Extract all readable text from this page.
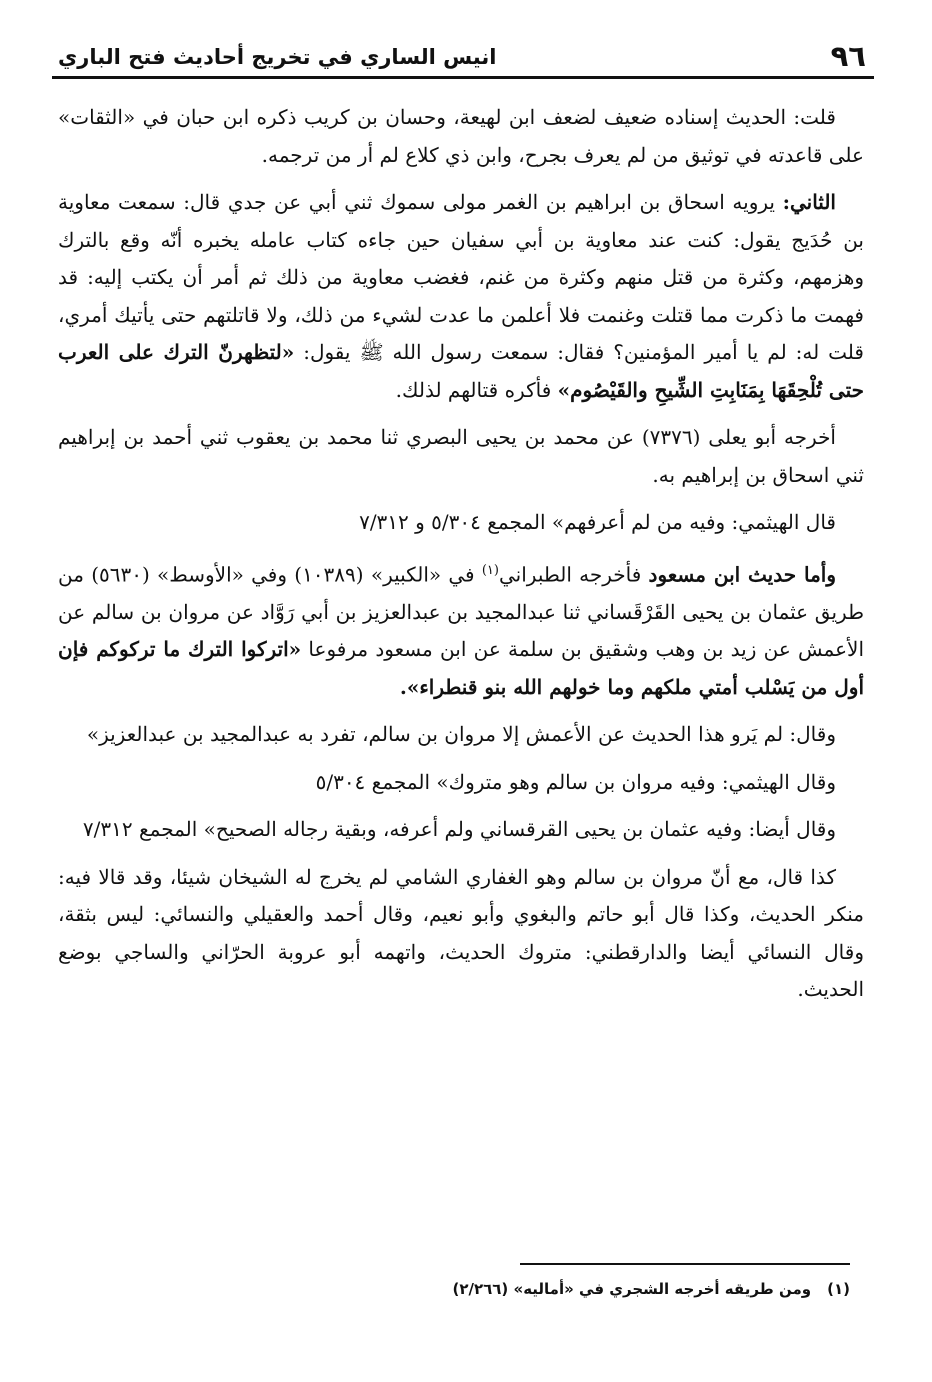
٩٦
انيس الساري في تخريج أحاديث فتح الباري

قلت: الحديث إسناده ضعيف لضعف ابن لهيعة، وحسان بن كريب ذكره ابن حبان في «الثقات» على قاعدته في توثيق من لم يعرف بجرح، وابن ذي كلاع لم أر من ترجمه.

الثاني: يرويه اسحاق بن ابراهيم بن الغمر مولى سموك ثني أبي عن جدي قال: سمعت معاوية بن حُدَيج يقول: كنت عند معاوية بن أبي سفيان حين جاءه كتاب عامله يخبره أنّه وقع بالترك وهزمهم، وكثرة من قتل منهم وكثرة من غنم، فغضب معاوية من ذلك ثم أمر أن يكتب إليه: قد فهمت ما ذكرت مما قتلت وغنمت فلا أعلمن ما عدت لشيء من ذلك، ولا قاتلتهم حتى يأتيك أمري، قلت له: لم يا أمير المؤمنين؟ فقال: سمعت رسول الله ﷺ يقول: «لتظهرنّ الترك على العرب حتى تُلْحِقَهَا بِمَنَابِتِ الشِّيحِ والقَيْصُوم» فأكره قتالهم لذلك.

أخرجه أبو يعلى (٧٣٧٦) عن محمد بن يحيى البصري ثنا محمد بن يعقوب ثني أحمد بن إبراهيم ثني اسحاق بن إبراهيم به.

قال الهيثمي: وفيه من لم أعرفهم» المجمع ٥/٣٠٤ و ٧/٣١٢

وأما حديث ابن مسعود فأخرجه الطبراني$^{(١)}$ في «الكبير» (١٠٣٨٩) وفي «الأوسط» (٥٦٣٠) من طريق عثمان بن يحيى القَرْقَساني ثنا عبدالمجيد بن عبدالعزيز بن أبي رَوَّاد عن مروان بن سالم عن الأعمش عن زيد بن وهب وشقيق بن سلمة عن ابن مسعود مرفوعا «اتركوا الترك ما تركوكم فإن أول من يَسْلب أمتي ملكهم وما خولهم الله بنو قنطراء».

وقال: لم يَرو هذا الحديث عن الأعمش إلا مروان بن سالم، تفرد به عبدالمجيد بن عبدالعزيز»

وقال الهيثمي: وفيه مروان بن سالم وهو متروك» المجمع ٥/٣٠٤

وقال أيضا: وفيه عثمان بن يحيى القرقساني ولم أعرفه، وبقية رجاله الصحيح» المجمع ٧/٣١٢

كذا قال، مع أنّ مروان بن سالم وهو الغفاري الشامي لم يخرج له الشيخان شيئا، وقد قالا فيه: منكر الحديث، وكذا قال أبو حاتم والبغوي وأبو نعيم، وقال أحمد والعقيلي والنسائي: ليس بثقة، وقال النسائي أيضا والدارقطني: متروك الحديث، واتهمه أبو عروبة الحرّاني والساجي بوضع الحديث.

(١)ومن طريقه أخرجه الشجري في «أماليه» (٢/٢٦٦)
